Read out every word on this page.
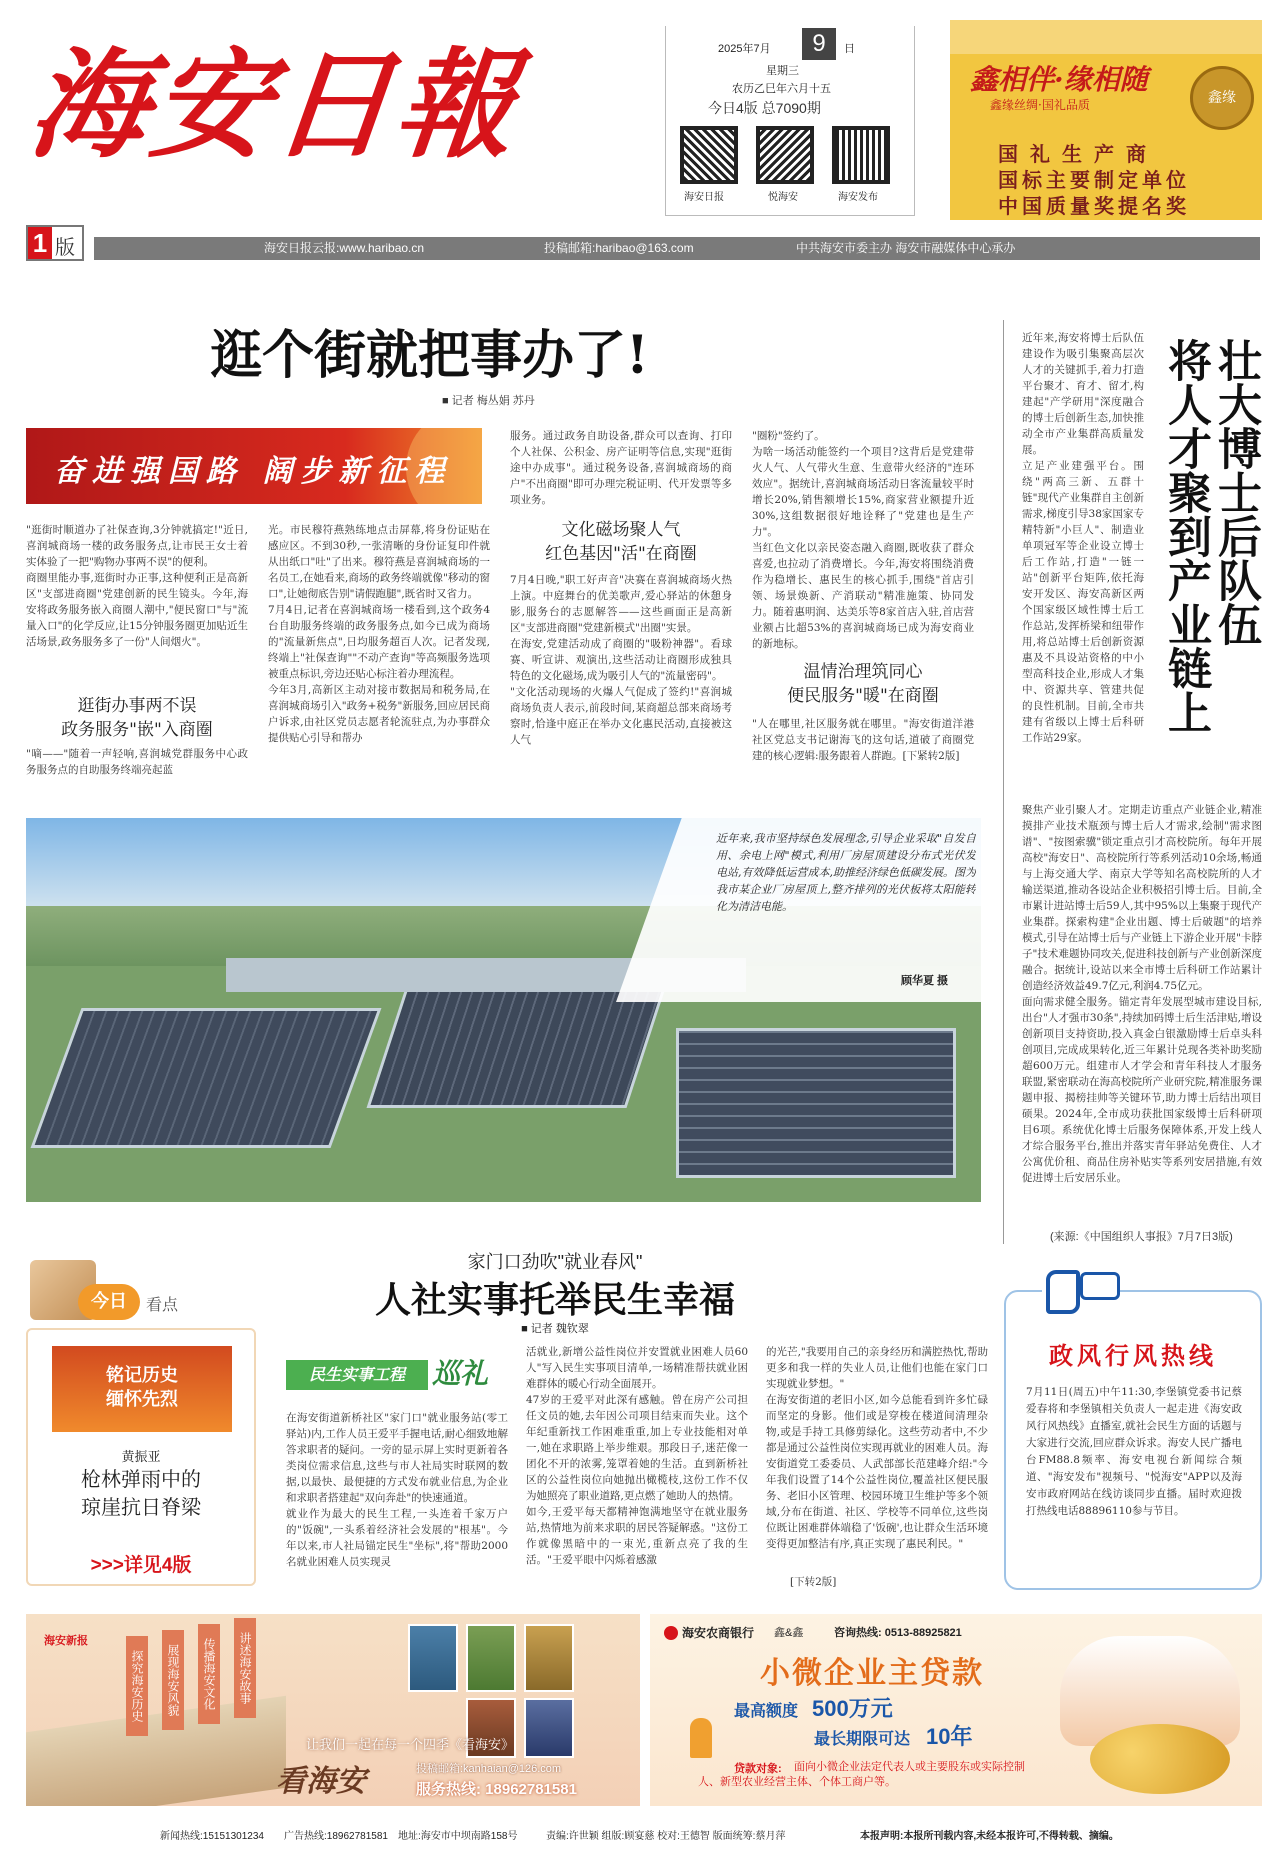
海安日報	2025年7月	9	日
星期三
农历乙巳年六月十五
今日4版 总7090期
海安日报	悦海安	海安发布
鑫相伴·缘相随
鑫缘丝绸·国礼品质	鑫缘
国礼生产商
国标主要制定单位
中国质量奖提名奖
1 版	海安日报云报:www.haribao.cn	投稿邮箱:haribao@163.com	中共海安市委主办 海安市融媒体中心承办
逛个街就把事办了!
■ 记者 梅丛娟 苏丹
奋进强国路 阔步新征程
"逛街时顺道办了社保查询,3分钟就搞定!"近日,喜润城商场一楼的政务服务点,让市民王女士着实体验了一把"购物办事两不误"的便利。
商圈里能办事,逛街时办正事,这种便利正是高新区"支部进商圈"党建创新的民生镜头。今年,海安将政务服务嵌入商圈人潮中,"便民窗口"与"流量入口"的化学反应,让15分钟服务圈更加贴近生活场景,政务服务多了一份"人间烟火"。
逛街办事两不误
政务服务"嵌"入商圈
"嘀——"随着一声轻响,喜润城党群服务中心政务服务点的自助服务终端亮起蓝
光。市民穆符燕熟练地点击屏幕,将身份证贴在感应区。不到30秒,一张清晰的身份证复印件就从出纸口"吐"了出来。穆符燕是喜润城商场的一名员工,在她看来,商场的政务终端就像"移动的窗口",让她彻底告别"请假跑腿",既省时又省力。
7月4日,记者在喜润城商场一楼看到,这个政务4台自助服务终端的政务服务点,如今已成为商场的"流量新焦点",日均服务超百人次。记者发现,终端上"社保查询""不动产查询"等高频服务选项被重点标识,旁边还贴心标注着办理流程。
今年3月,高新区主动对接市数据局和税务局,在喜润城商场引入"政务+税务"新服务,回应居民商户诉求,由社区党员志愿者轮流驻点,为办事群众提供贴心引导和帮办
服务。通过政务自助设备,群众可以查询、打印个人社保、公积金、房产证明等信息,实现"逛街途中办成事"。通过税务设备,喜润城商场的商户"不出商圈"即可办理完税证明、代开发票等多项业务。
文化磁场聚人气
红色基因"活"在商圈
7月4日晚,"职工好声音"决赛在喜润城商场火热上演。中庭舞台的优美歌声,爱心驿站的休憩身影,服务台的志愿解答——这些画面正是高新区"支部进商圈"党建新模式"出圈"实景。
在海安,党建活动成了商圈的"吸粉神器"。看球赛、听宣讲、观演出,这些活动让商圈形成独具特色的文化磁场,成为吸引人气的"流量密码"。
"文化活动现场的火爆人气促成了签约!"喜润城商场负责人表示,前段时间,某商超总部来商场考察时,恰逢中庭正在举办文化惠民活动,直接被这人气
"圈粉"签约了。
为啥一场活动能签约一个项目?这背后是党建带火人气、人气带火生意、生意带火经济的"连环效应"。据统计,喜润城商场活动日客流量较平时增长20%,销售额增长15%,商家营业额提升近30%,这组数据很好地诠释了"党建也是生产力"。
当红色文化以亲民姿态融入商圈,既收获了群众喜爱,也拉动了消费增长。今年,海安将围绕消费作为稳增长、惠民生的核心抓手,围绕"首店引领、场景焕新、产消联动"精准施策、协同发力。随着惠明润、达美乐等8家首店入驻,首店营业额占比超53%的喜润城商场已成为海安商业的新地标。
温情治理筑同心
便民服务"暖"在商圈
"人在哪里,社区服务就在哪里。"海安街道洋港社区党总支书记谢海飞的这句话,道破了商圈党建的核心逻辑:服务跟着人群跑。[下紧转2版]
近年来,我市坚持绿色发展理念,引导企业采取"自发自用、余电上网"模式,利用厂房屋顶建设分布式光伏发电站,有效降低运营成本,助推经济绿色低碳发展。图为我市某企业厂房屋顶上,整齐排列的光伏板将太阳能转化为清洁电能。
顾华夏 摄
壮大博士后队伍
将人才聚到产业链上
近年来,海安将博士后队伍建设作为吸引集聚高层次人才的关键抓手,着力打造平台聚才、育才、留才,构建起"产学研用"深度融合的博士后创新生态,加快推动全市产业集群高质量发展。
立足产业建强平台。围绕"两高三新、五群十链"现代产业集群自主创新需求,梯度引导38家国家专精特新"小巨人"、制造业单项冠军等企业设立博士后工作站,打造"一链一站"创新平台矩阵,依托海安开发区、海安高新区两个国家级区域性博士后工作总站,发挥桥梁和纽带作用,将总站博士后创新资源惠及不具设站资格的中小型高科技企业,形成人才集中、资源共享、管建共促的良性机制。目前,全市共建有省级以上博士后科研工作站29家。
聚焦产业引聚人才。定期走访重点产业链企业,精准摸排产业技术瓶颈与博士后人才需求,绘制"需求图谱"、"按图索骥"锁定重点引才高校院所。每年开展高校"海安日"、高校院所行等系列活动10余场,畅通与上海交通大学、南京大学等知名高校院所的人才输送渠道,推动各设站企业积极招引博士后。目前,全市累计进站博士后59人,其中95%以上集聚于现代产业集群。探索构建"企业出题、博士后破题"的培养模式,引导在站博士后与产业链上下游企业开展"卡脖子"技术难题协同攻关,促进科技创新与产业创新深度融合。据统计,设站以来全市博士后科研工作站累计创造经济效益49.7亿元,利润4.75亿元。
面向需求健全服务。锚定青年发展型城市建设目标,出台"人才强市30条",持续加码博士后生活津贴,增设创新项目支持资助,投入真金白银激励博士后卓头科创项目,完成成果转化,近三年累计兑现各类补助奖励超600万元。组建市人才学会和青年科技人才服务联盟,紧密联动在海高校院所产业研究院,精准服务课题申报、揭榜挂帅等关键环节,助力博士后结出项目硕果。2024年,全市成功获批国家级博士后科研项目6项。系统优化博士后服务保障体系,开发上线人才综合服务平台,推出并落实青年驿站免费住、人才公寓优价租、商品住房补贴实等系列安居措施,有效促进博士后安居乐业。
(来源:《中国组织人事报》7月7日3版)
今日	看点
铭记历史
缅怀先烈
黄振亚
枪林弹雨中的
琼崖抗日脊梁
>>>详见4版
家门口劲吹"就业春风"
人社实事托举民生幸福
■ 记者 魏钦翠
民生实事工程 巡礼
在海安街道新桥社区"家门口"就业服务站(零工驿站)内,工作人员王爱平手握电话,耐心细致地解答求职者的疑问。一旁的显示屏上实时更新着各类岗位需求信息,这些与市人社局实时联网的数据,以最快、最便捷的方式发布就业信息,为企业和求职者搭建起"双向奔赴"的快速通道。
就业作为最大的民生工程,一头连着千家万户的"饭碗",一头系着经济社会发展的"根基"。今年以来,市人社局锚定民生"坐标",将"帮助2000名就业困难人员实现灵
活就业,新增公益性岗位并安置就业困难人员60人"写入民生实事项目清单,一场精准帮扶就业困难群体的暖心行动全面展开。
47岁的王爱平对此深有感触。曾在房产公司担任文员的她,去年因公司项目结束而失业。这个年纪重新找工作困难重重,加上专业技能相对单一,她在求职路上举步维艰。那段日子,迷茫像一团化不开的浓雾,笼罩着她的生活。直到新桥社区的公益性岗位向她抛出橄榄枝,这份工作不仅为她照亮了职业道路,更点燃了她助人的热情。
如今,王爱平每天都精神饱满地坚守在就业服务站,热情地为前来求职的居民答疑解惑。"这份工作就像黑暗中的一束光,重新点亮了我的生活。"王爱平眼中闪烁着感激
的光芒,"我要用自己的亲身经历和满腔热忱,帮助更多和我一样的失业人员,让他们也能在家门口实现就业梦想。"
在海安街道的老旧小区,如今总能看到许多忙碌而坚定的身影。他们或是穿梭在楼道间清理杂物,或是手持工具修剪绿化。这些劳动者中,不少都是通过公益性岗位实现再就业的困难人员。海安街道党工委委员、人武部部长范建峰介绍:"今年我们设置了14个公益性岗位,覆盖社区便民服务、老旧小区管理、校园环境卫生维护等多个领域,分布在街道、社区、学校等不同单位,这些岗位既让困难群体端稳了'饭碗',也让群众生活环境变得更加整洁有序,真正实现了惠民利民。"
[下转2版]
政风行风热线
7月11日(周五)中午11:30,李堡镇党委书记蔡爱春将和李堡镇相关负责人一起走进《海安政风行风热线》直播室,就社会民生方面的话题与大家进行交流,回应群众诉求。海安人民广播电台FM88.8频率、海安电视台新闻综合频道、"海安发布"视频号、"悦海安"APP以及海安市政府网站在线访谈同步直播。届时欢迎拨打热线电话88896110参与节目。
海安新报
探究海安历史	展现海安风貌	传播海安文化	讲述海安故事
让我们一起在每一个四季《看海安》
看海安	投稿邮箱:kanhaian@126.com
服务热线: 18962781581
海安农商银行 鑫&鑫	咨询热线: 0513-88925821
小微企业主贷款
最高额度 500万元
最长期限可达 10年
贷款对象:	面向小微企业法定代表人或主要股东或实际控制人、新型农业经营主体、个体工商户等。
新闻热线:15151301234 广告热线:18962781581 地址:海安市中坝南路158号	责编:许世颖 组版:顾宴慈 校对:王德智 版面统筹:蔡月萍	本报声明:本报所刊载内容,未经本报许可,不得转载、摘编。
